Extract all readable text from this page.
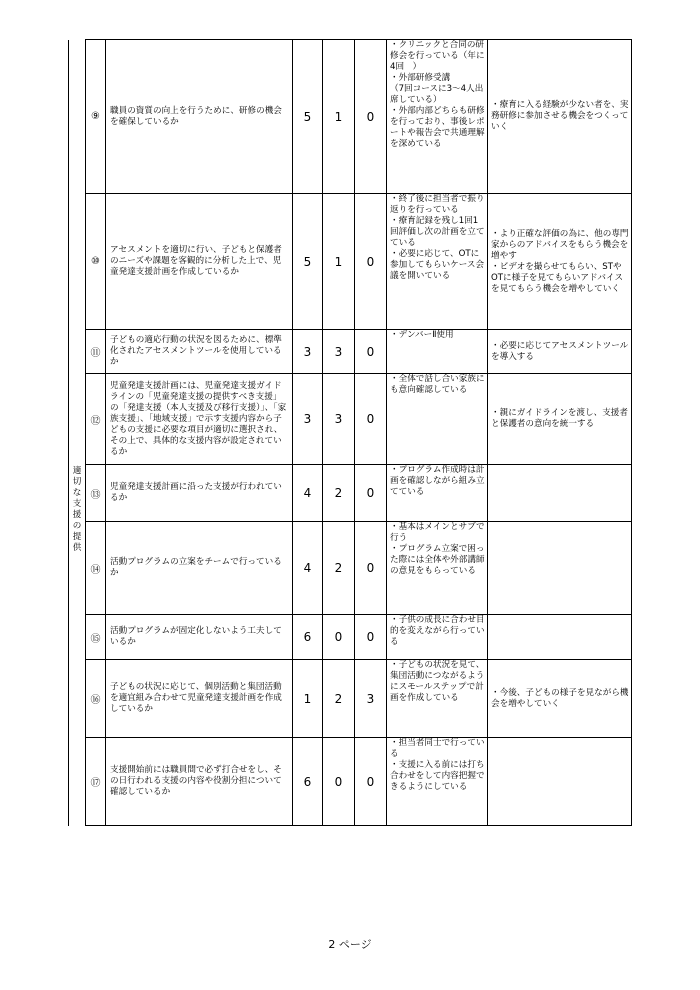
	⑨	職員の資質の向上を行うために、研修の機会を確保しているか	5	1	0	・クリニックと合同の研修会を行っている（年に4回　）
・外部研修受講
（7回コースに3～4人出席している）
・外部内部どちらも研修を行っており、事後レポートや報告会で共通理解を深めている	・療育に入る経験が少ない者を、実務研修に参加させる機会をつくっていく

適切な支援の提供	⑩	アセスメントを適切に行い、子どもと保護者のニーズや課題を客観的に分析した上で、児童発達支援計画を作成しているか	5	1	0	・終了後に担当者で振り返りを行っている
・療育記録を残し1回1回評価し次の計画を立てている
・必要に応じて、OTに参加してもらいケース会議を開いている	・より正確な評価の為に、他の専門家からのアドバイスをもらう機会を増やす
・ビデオを撮らせてもらい、STやOTに様子を見てもらいアドバイスを見てもらう機会を増やしていく

	⑪	子どもの適応行動の状況を図るために、標準化されたアセスメントツールを使用しているか	3	3	0	・デンバーⅡ使用	・必要に応じてアセスメントツールを導入する

	⑫	児童発達支援計画には、児童発達支援ガイドラインの「児童発達支援の提供すべき支援」の「発達支援（本人支援及び移行支援）」、「家族支援」、「地域支援」で示す支援内容から子どもの支援に必要な項目が適切に選択され、その上で、具体的な支援内容が設定されているか	3	3	0	・全体で話し合い家族にも意向確認している	・親にガイドラインを渡し、支援者と保護者の意向を統一する

	⑬	児童発達支援計画に沿った支援が行われているか	4	2	0	・プログラム作成時は計画を確認しながら組み立てている	

	⑭	活動プログラムの立案をチームで行っているか	4	2	0	・基本はメインとサブで行う
・プログラム立案で困った際には全体や外部講師の意見をもらっている	

	⑮	活動プログラムが固定化しないよう工夫しているか	6	0	0	・子供の成長に合わせ目的を変えながら行っている	

	⑯	子どもの状況に応じて、個別活動と集団活動を適宜組み合わせて児童発達支援計画を作成しているか	1	2	3	・子どもの状況を見て、集団活動につながるようにスモールステップで計画を作成している	・今後、子どもの様子を見ながら機会を増やしていく

	⑰	支援開始前には職員間で必ず打合せをし、その日行われる支援の内容や役割分担について確認しているか	6	0	0	・担当者同士で行っている
・支援に入る前には打ち合わせをして内容把握できるようにしている	

2 ページ
